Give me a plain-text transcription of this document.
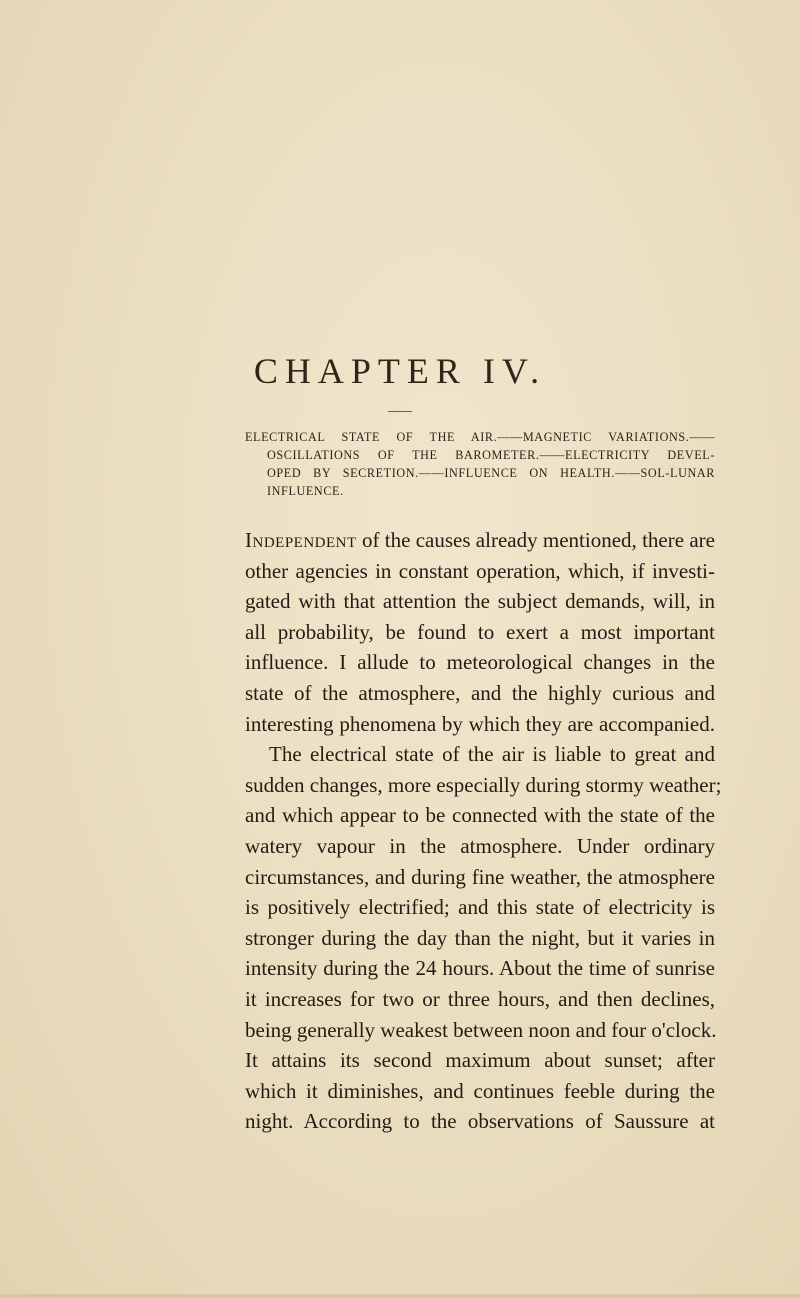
CHAPTER IV.
ELECTRICAL STATE OF THE AIR.——MAGNETIC VARIATIONS.——
OSCILLATIONS OF THE BAROMETER.——ELECTRICITY DEVEL-
OPED BY SECRETION.——INFLUENCE ON HEALTH.——SOL-LUNAR
INFLUENCE.
Independent of the causes already mentioned, there are
other agencies in constant operation, which, if investi-
gated with that attention the subject demands, will, in
all probability, be found to exert a most important
influence. I allude to meteorological changes in the
state of the atmosphere, and the highly curious and
interesting phenomena by which they are accompanied.
The electrical state of the air is liable to great and
sudden changes, more especially during stormy weather;
and which appear to be connected with the state of the
watery vapour in the atmosphere. Under ordinary
circumstances, and during fine weather, the atmosphere
is positively electrified; and this state of electricity is
stronger during the day than the night, but it varies in
intensity during the 24 hours. About the time of sunrise
it increases for two or three hours, and then declines,
being generally weakest between noon and four o'clock.
It attains its second maximum about sunset; after
which it diminishes, and continues feeble during the
night. According to the observations of Saussure at
